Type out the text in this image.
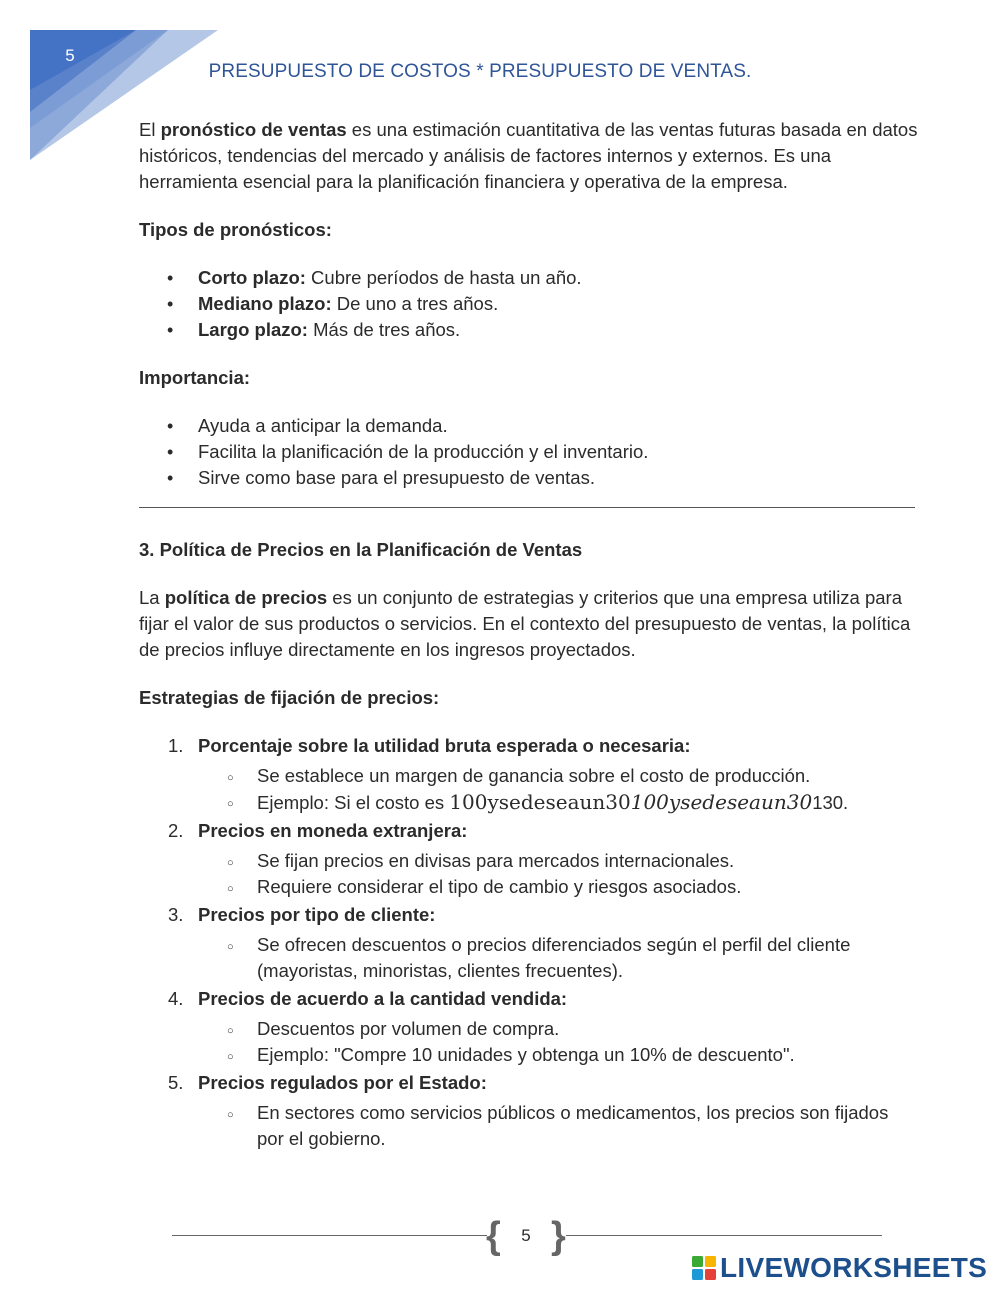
5
PRESUPUESTO DE COSTOS * PRESUPUESTO DE VENTAS.

El pronóstico de ventas es una estimación cuantitativa de las ventas futuras basada en datos históricos, tendencias del mercado y análisis de factores internos y externos. Es una herramienta esencial para la planificación financiera y operativa de la empresa.

Tipos de pronósticos:

• Corto plazo: Cubre períodos de hasta un año.
• Mediano plazo: De uno a tres años.
• Largo plazo: Más de tres años.

Importancia:

• Ayuda a anticipar la demanda.
• Facilita la planificación de la producción y el inventario.
• Sirve como base para el presupuesto de ventas.

3. Política de Precios en la Planificación de Ventas

La política de precios es un conjunto de estrategias y criterios que una empresa utiliza para fijar el valor de sus productos o servicios. En el contexto del presupuesto de ventas, la política de precios influye directamente en los ingresos proyectados.

Estrategias de fijación de precios:

1. Porcentaje sobre la utilidad bruta esperada o necesaria:
○ Se establece un margen de ganancia sobre el costo de producción.
○ Ejemplo: Si el costo es 100ysedeseaun30100ysedeseaun30130.
2. Precios en moneda extranjera:
○ Se fijan precios en divisas para mercados internacionales.
○ Requiere considerar el tipo de cambio y riesgos asociados.
3. Precios por tipo de cliente:
○ Se ofrecen descuentos o precios diferenciados según el perfil del cliente (mayoristas, minoristas, clientes frecuentes).
4. Precios de acuerdo a la cantidad vendida:
○ Descuentos por volumen de compra.
○ Ejemplo: "Compre 10 unidades y obtenga un 10% de descuento".
5. Precios regulados por el Estado:
○ En sectores como servicios públicos o medicamentos, los precios son fijados por el gobierno.
{	5 }
LIVEWORKSHEETS
